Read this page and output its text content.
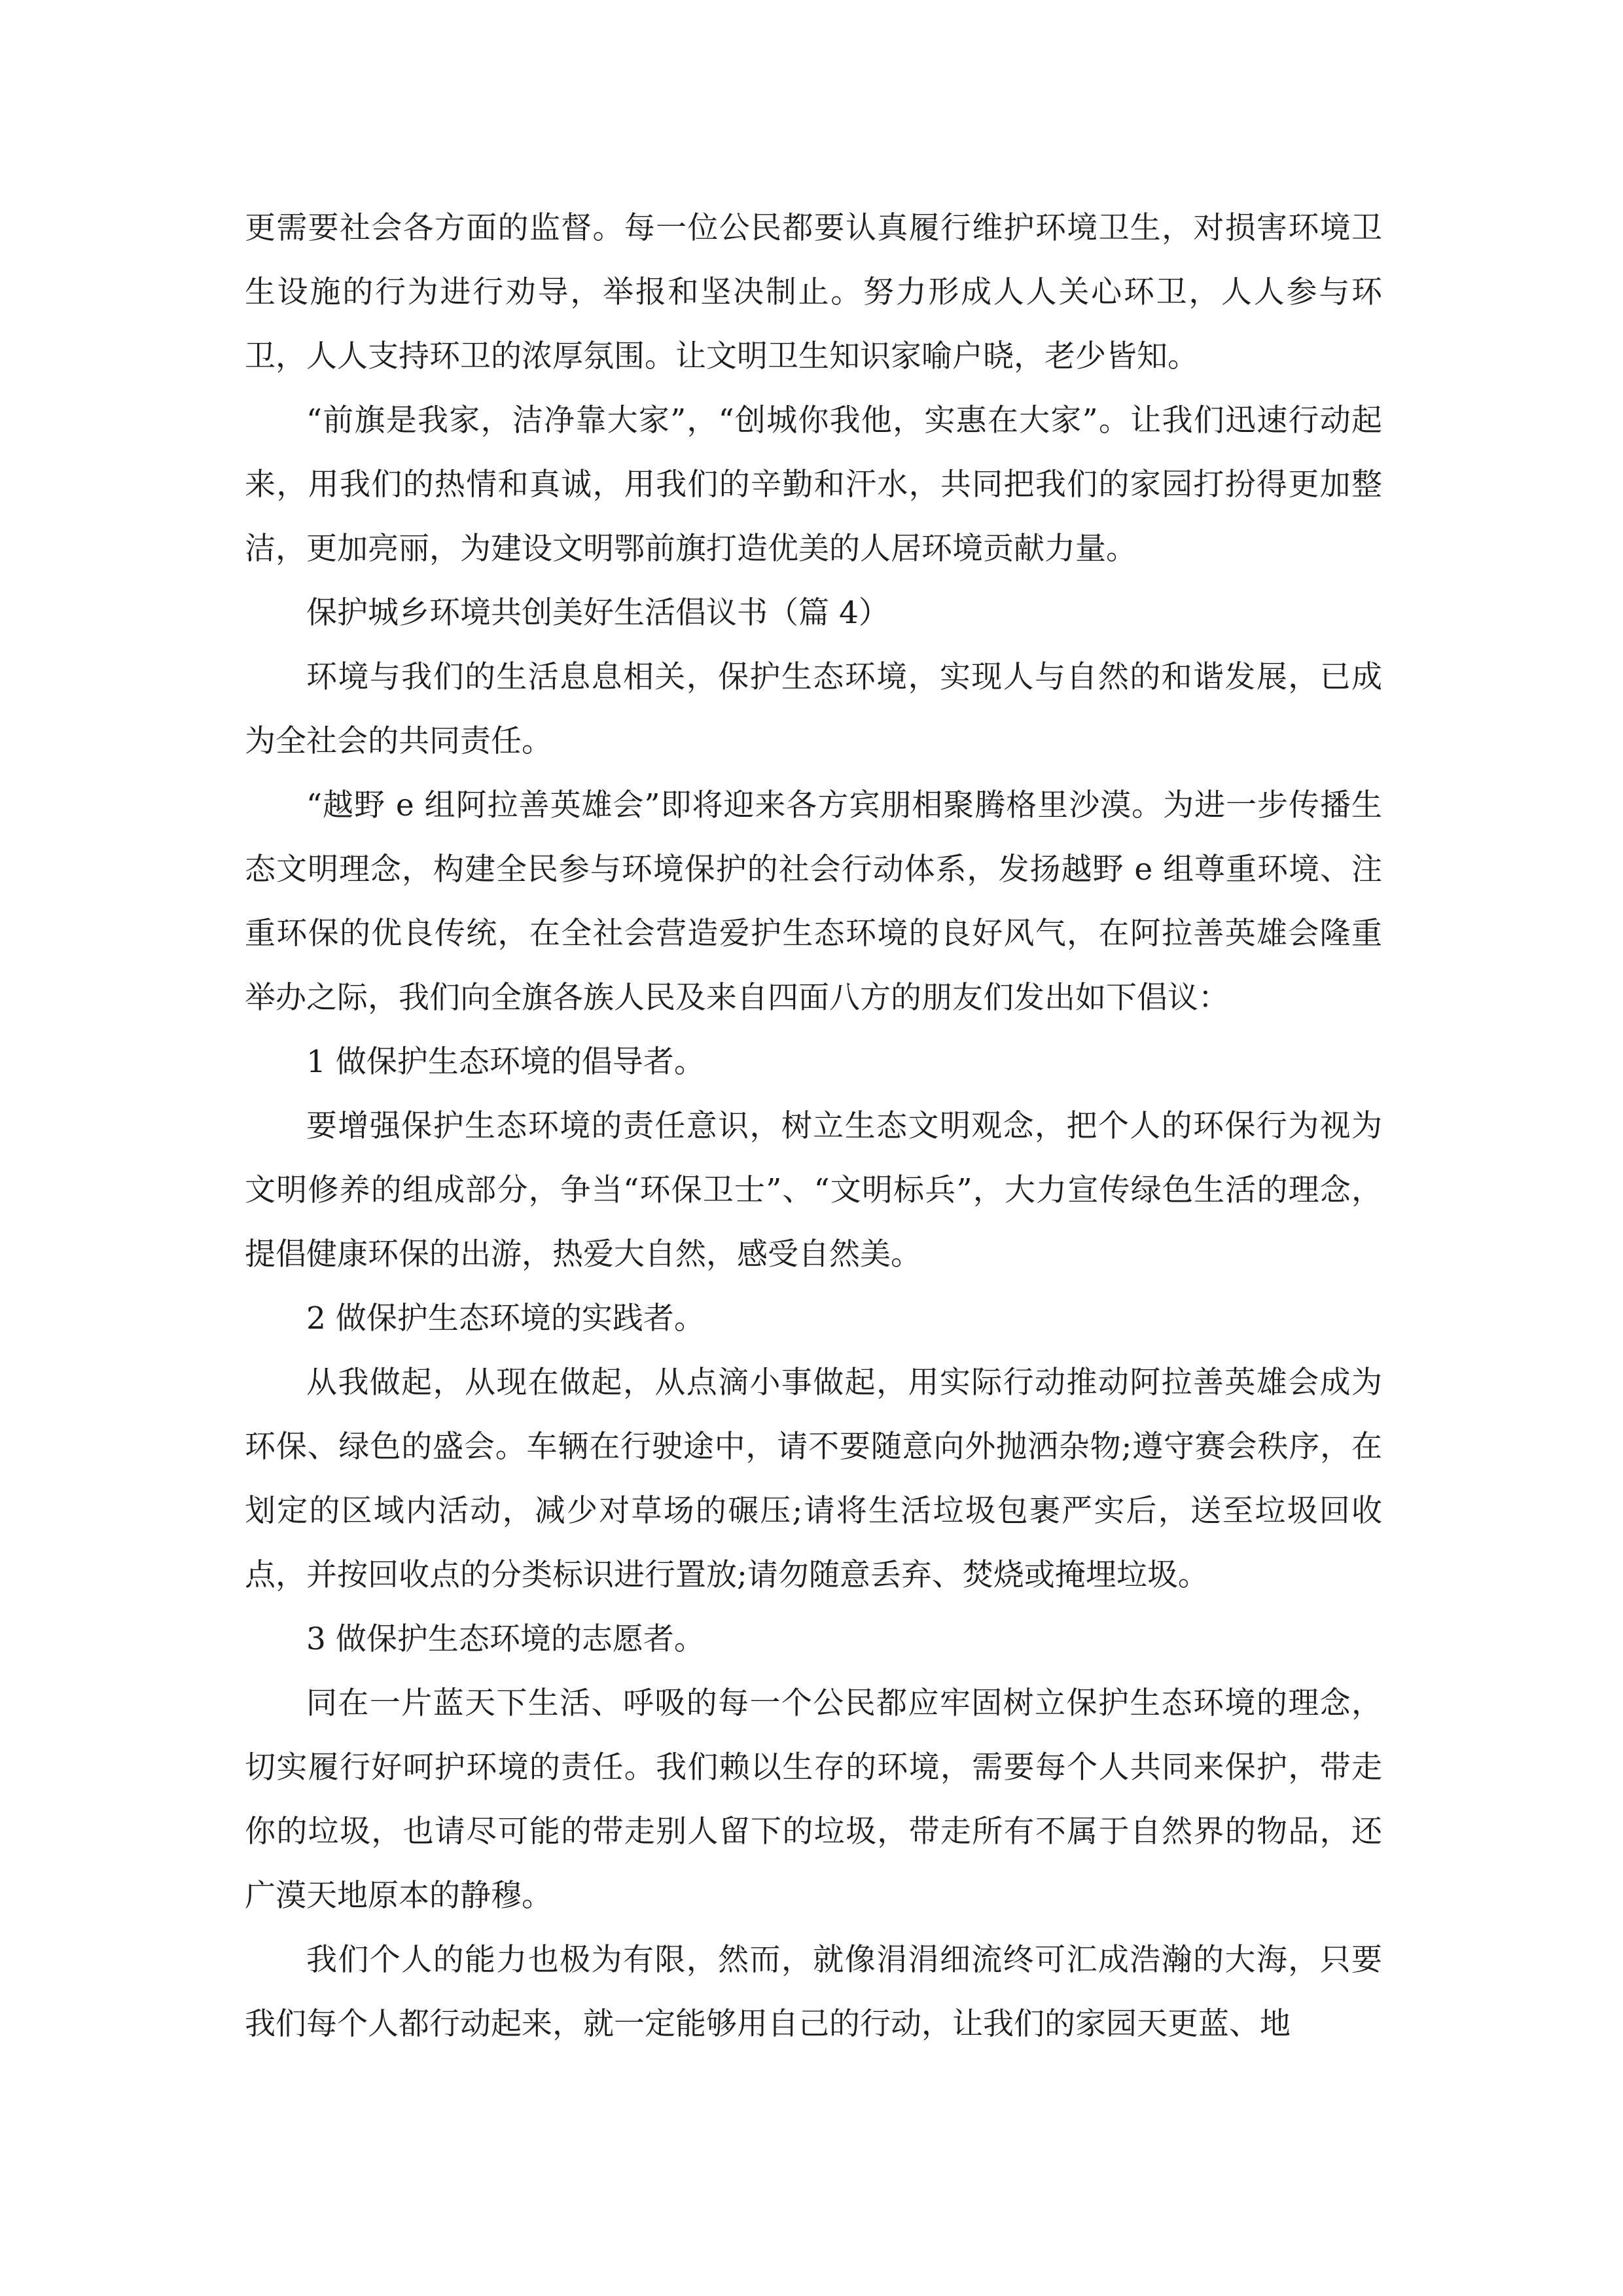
更需要社会各方面的监督。每一位公民都要认真履行维护环境卫生，对损害环境卫生设施的行为进行劝导，举报和坚决制止。努力形成人人关心环卫，人人参与环卫，人人支持环卫的浓厚氛围。让文明卫生知识家喻户晓，老少皆知。

“前旗是我家，洁净靠大家”，“创城你我他，实惠在大家”。让我们迅速行动起来，用我们的热情和真诚，用我们的辛勤和汗水，共同把我们的家园打扮得更加整洁，更加亮丽，为建设文明鄂前旗打造优美的人居环境贡献力量。

保护城乡环境共创美好生活倡议书（篇 4）

环境与我们的生活息息相关，保护生态环境，实现人与自然的和谐发展，已成为全社会的共同责任。

“越野 e 组阿拉善英雄会”即将迎来各方宾朋相聚腾格里沙漠。为进一步传播生态文明理念，构建全民参与环境保护的社会行动体系，发扬越野 e 组尊重环境、注重环保的优良传统，在全社会营造爱护生态环境的良好风气，在阿拉善英雄会隆重举办之际，我们向全旗各族人民及来自四面八方的朋友们发出如下倡议：

1 做保护生态环境的倡导者。

要增强保护生态环境的责任意识，树立生态文明观念，把个人的环保行为视为文明修养的组成部分，争当“环保卫士”、“文明标兵”，大力宣传绿色生活的理念，提倡健康环保的出游，热爱大自然，感受自然美。

2 做保护生态环境的实践者。

从我做起，从现在做起，从点滴小事做起，用实际行动推动阿拉善英雄会成为环保、绿色的盛会。车辆在行驶途中，请不要随意向外抛洒杂物;遵守赛会秩序，在划定的区域内活动，减少对草场的碾压;请将生活垃圾包裹严实后，送至垃圾回收点，并按回收点的分类标识进行置放;请勿随意丢弃、焚烧或掩埋垃圾。

3 做保护生态环境的志愿者。

同在一片蓝天下生活、呼吸的每一个公民都应牢固树立保护生态环境的理念，切实履行好呵护环境的责任。我们赖以生存的环境，需要每个人共同来保护，带走你的垃圾，也请尽可能的带走别人留下的垃圾，带走所有不属于自然界的物品，还广漠天地原本的静穆。

我们个人的能力也极为有限，然而，就像涓涓细流终可汇成浩瀚的大海，只要我们每个人都行动起来，就一定能够用自己的行动，让我们的家园天更蓝、地
